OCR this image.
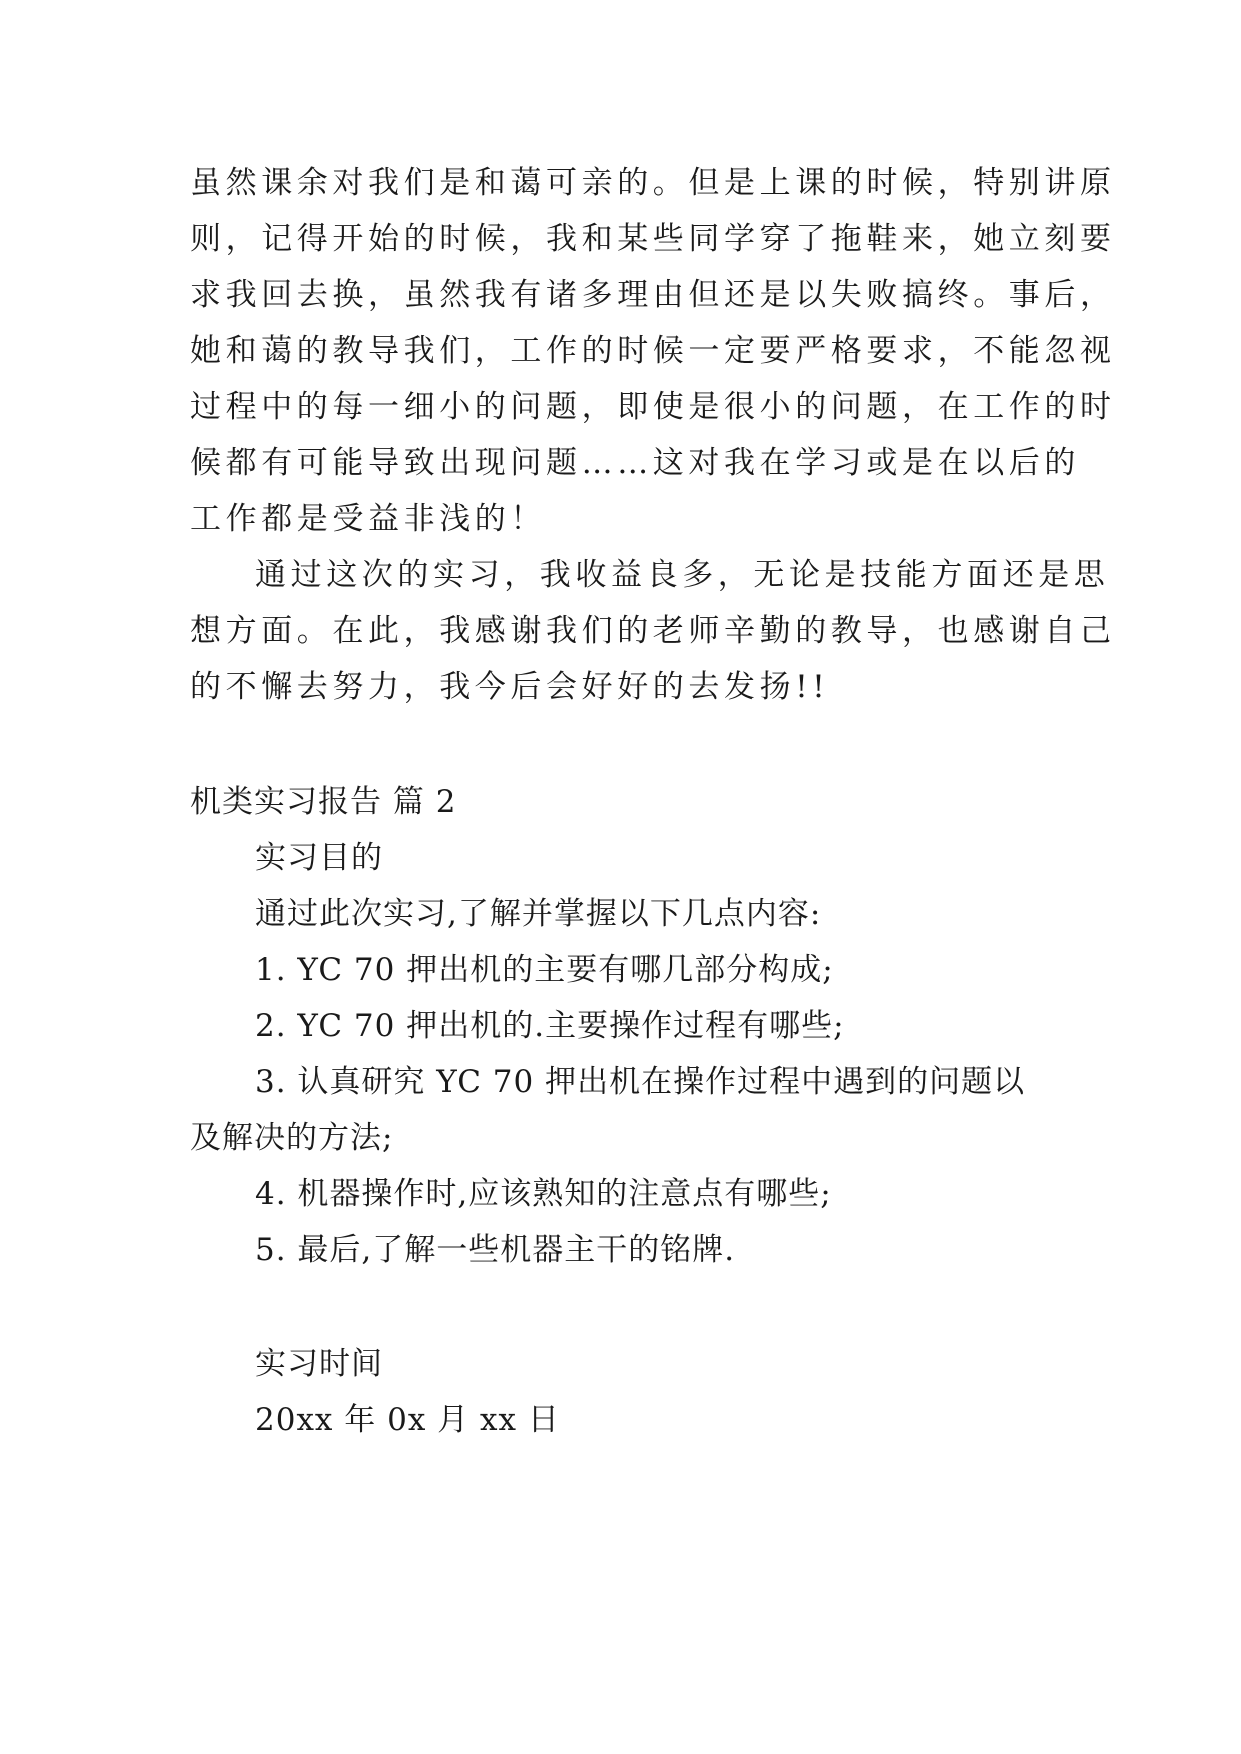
虽然课余对我们是和蔼可亲的。但是上课的时候，特别讲原
则，记得开始的时候，我和某些同学穿了拖鞋来，她立刻要
求我回去换，虽然我有诸多理由但还是以失败搞终。事后，
她和蔼的教导我们，工作的时候一定要严格要求，不能忽视
过程中的每一细小的问题，即使是很小的问题，在工作的时
候都有可能导致出现问题……这对我在学习或是在以后的
工作都是受益非浅的！
通过这次的实习，我收益良多，无论是技能方面还是思
想方面。在此，我感谢我们的老师辛勤的教导，也感谢自己
的不懈去努力，我今后会好好的去发扬!!
机类实习报告 篇 2
实习目的
通过此次实习,了解并掌握以下几点内容:
1. YC 70 押出机的主要有哪几部分构成;
2. YC 70 押出机的.主要操作过程有哪些;
3. 认真研究 YC 70 押出机在操作过程中遇到的问题以
及解决的方法;
4. 机器操作时,应该熟知的注意点有哪些;
5. 最后,了解一些机器主干的铭牌.
实习时间
20xx 年 0x 月 xx 日
